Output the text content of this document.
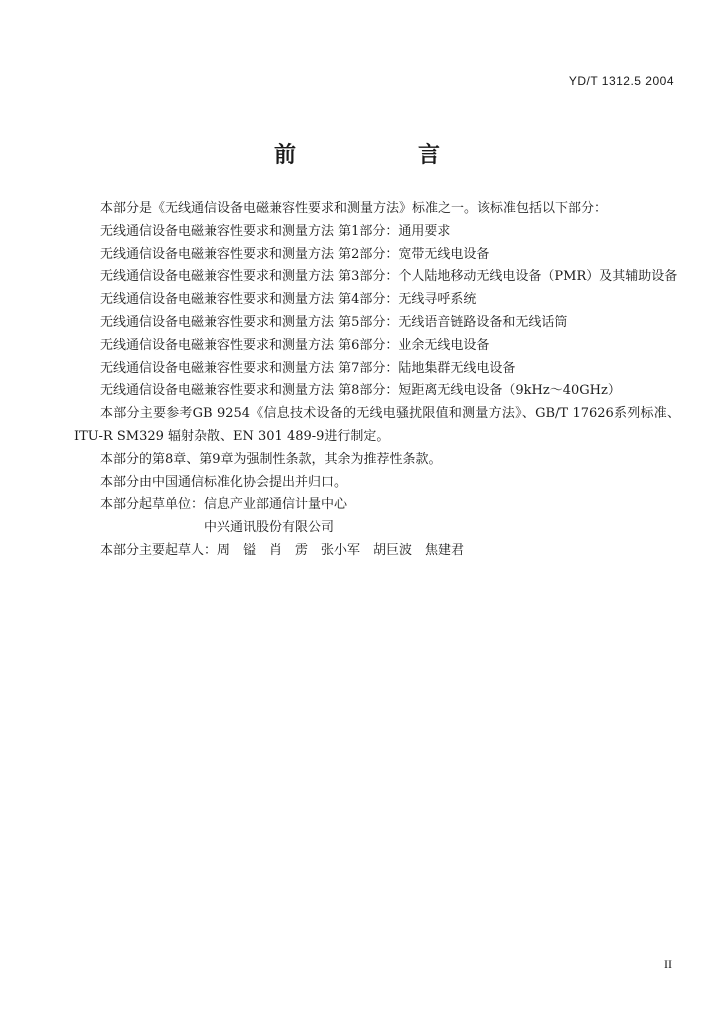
YD/T 1312.5 2004
前　言

本部分是《无线通信设备电磁兼容性要求和测量方法》标准之一。该标准包括以下部分：

无线通信设备电磁兼容性要求和测量方法 第1部分：通用要求

无线通信设备电磁兼容性要求和测量方法 第2部分：宽带无线电设备

无线通信设备电磁兼容性要求和测量方法 第3部分：个人陆地移动无线电设备（PMR）及其辅助设备

无线通信设备电磁兼容性要求和测量方法 第4部分：无线寻呼系统

无线通信设备电磁兼容性要求和测量方法 第5部分：无线语音链路设备和无线话筒

无线通信设备电磁兼容性要求和测量方法 第6部分：业余无线电设备

无线通信设备电磁兼容性要求和测量方法 第7部分：陆地集群无线电设备

无线通信设备电磁兼容性要求和测量方法 第8部分：短距离无线电设备（9kHz～40GHz）

本部分主要参考GB 9254《信息技术设备的无线电骚扰限值和测量方法》、GB/T 17626系列标准、ITU-R SM329 辐射杂散、EN 301 489-9进行制定。

本部分的第8章、第9章为强制性条款，其余为推荐性条款。

本部分由中国通信标准化协会提出并归口。

本部分起草单位：信息产业部通信计量中心

中兴通讯股份有限公司

本部分主要起草人：周　镒　肖　雳　张小军　胡巨波　焦建君

II
